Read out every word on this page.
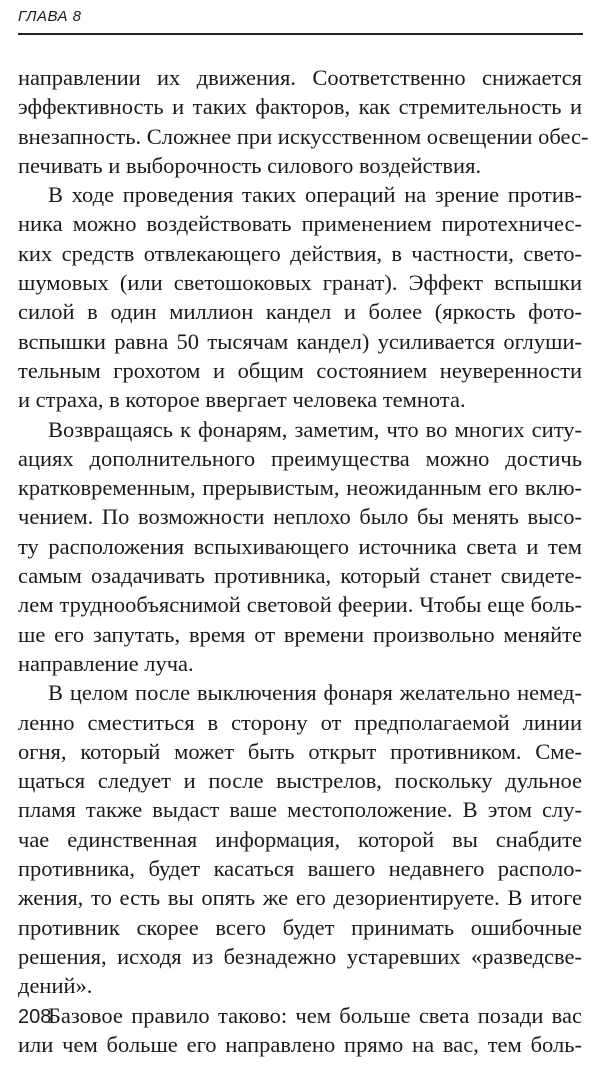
ГЛАВА 8
направлении их движения. Соответственно снижается
эффективность и таких факторов, как стремительность и
внезапность. Сложнее при искусственном освещении обес-
печивать и выборочность силового воздействия.
В ходе проведения таких операций на зрение против-
ника можно воздействовать применением пиротехничес-
ких средств отвлекающего действия, в частности, свето-
шумовых (или светошоковых гранат). Эффект вспышки
силой в один миллион кандел и более (яркость фото-
вспышки равна 50 тысячам кандел) усиливается оглуши-
тельным грохотом и общим состоянием неуверенности
и страха, в которое ввергает человека темнота.
Возвращаясь к фонарям, заметим, что во многих ситу-
ациях дополнительного преимущества можно достичь
кратковременным, прерывистым, неожиданным его вклю-
чением. По возможности неплохо было бы менять высо-
ту расположения вспыхивающего источника света и тем
самым озадачивать противника, который станет свидете-
лем труднообъяснимой световой феерии. Чтобы еще боль-
ше его запутать, время от времени произвольно меняйте
направление луча.
В целом после выключения фонаря желательно немед-
ленно сместиться в сторону от предполагаемой линии
огня, который может быть открыт противником. Сме-
щаться следует и после выстрелов, поскольку дульное
пламя также выдаст ваше местоположение. В этом слу-
чае единственная информация, которой вы снабдите
противника, будет касаться вашего недавнего располо-
жения, то есть вы опять же его дезориентируете. В итоге
противник скорее всего будет принимать ошибочные
решения, исходя из безнадежно устаревших «разведсве-
дений».
Базовое правило таково: чем больше света позади вас
или чем больше его направлено прямо на вас, тем боль-
208
